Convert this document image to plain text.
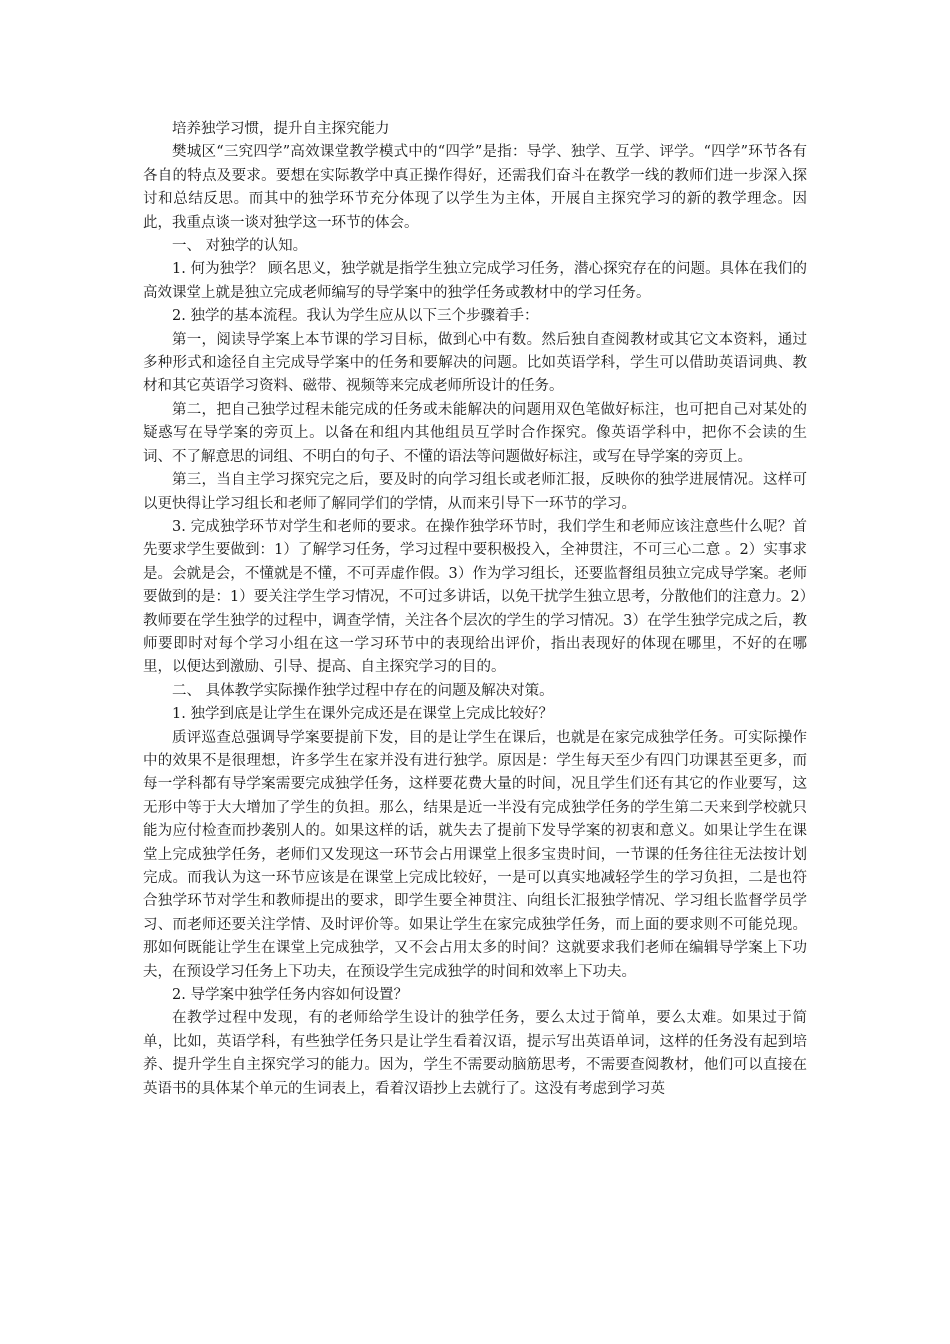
培养独学习惯，提升自主探究能力

樊城区“三究四学”高效课堂教学模式中的“四学”是指：导学、独学、互学、评学。“四学”环节各有各自的特点及要求。要想在实际教学中真正操作得好，还需我们奋斗在教学一线的教师们进一步深入探讨和总结反思。而其中的独学环节充分体现了以学生为主体，开展自主探究学习的新的教学理念。因此，我重点谈一谈对独学这一环节的体会。

一、 对独学的认知。

1. 何为独学？ 顾名思义，独学就是指学生独立完成学习任务，潜心探究存在的问题。具体在我们的高效课堂上就是独立完成老师编写的导学案中的独学任务或教材中的学习任务。

2. 独学的基本流程。我认为学生应从以下三个步骤着手：

第一，阅读导学案上本节课的学习目标，做到心中有数。然后独自查阅教材或其它文本资料，通过多种形式和途径自主完成导学案中的任务和要解决的问题。比如英语学科，学生可以借助英语词典、教材和其它英语学习资料、磁带、视频等来完成老师所设计的任务。

第二，把自己独学过程未能完成的任务或未能解决的问题用双色笔做好标注，也可把自己对某处的疑惑写在导学案的旁页上。以备在和组内其他组员互学时合作探究。像英语学科中，把你不会读的生词、不了解意思的词组、不明白的句子、不懂的语法等问题做好标注，或写在导学案的旁页上。

第三，当自主学习探究完之后，要及时的向学习组长或老师汇报，反映你的独学进展情况。这样可以更快得让学习组长和老师了解同学们的学情，从而来引导下一环节的学习。

3. 完成独学环节对学生和老师的要求。在操作独学环节时，我们学生和老师应该注意些什么呢？首先要求学生要做到：1）了解学习任务，学习过程中要积极投入，全神贯注，不可三心二意 。2）实事求是。会就是会，不懂就是不懂，不可弄虚作假。3）作为学习组长，还要监督组员独立完成导学案。老师要做到的是：1）要关注学生学习情况，不可过多讲话，以免干扰学生独立思考，分散他们的注意力。2）教师要在学生独学的过程中，调查学情，关注各个层次的学生的学习情况。3）在学生独学完成之后，教师要即时对每个学习小组在这一学习环节中的表现给出评价，指出表现好的体现在哪里，不好的在哪里，以便达到激励、引导、提高、自主探究学习的目的。

二、 具体教学实际操作独学过程中存在的问题及解决对策。

1. 独学到底是让学生在课外完成还是在课堂上完成比较好？

质评巡查总强调导学案要提前下发，目的是让学生在课后，也就是在家完成独学任务。可实际操作中的效果不是很理想，许多学生在家并没有进行独学。原因是：学生每天至少有四门功课甚至更多，而每一学科都有导学案需要完成独学任务，这样要花费大量的时间，况且学生们还有其它的作业要写，这无形中等于大大增加了学生的负担。那么，结果是近一半没有完成独学任务的学生第二天来到学校就只能为应付检查而抄袭别人的。如果这样的话，就失去了提前下发导学案的初衷和意义。如果让学生在课堂上完成独学任务，老师们又发现这一环节会占用课堂上很多宝贵时间，一节课的任务往往无法按计划完成。而我认为这一环节应该是在课堂上完成比较好，一是可以真实地减轻学生的学习负担，二是也符合独学环节对学生和教师提出的要求，即学生要全神贯注、向组长汇报独学情况、学习组长监督学员学习、而老师还要关注学情、及时评价等。如果让学生在家完成独学任务，而上面的要求则不可能兑现。那如何既能让学生在课堂上完成独学，又不会占用太多的时间？这就要求我们老师在编辑导学案上下功夫，在预设学习任务上下功夫，在预设学生完成独学的时间和效率上下功夫。

2. 导学案中独学任务内容如何设置？

在教学过程中发现，有的老师给学生设计的独学任务，要么太过于简单，要么太难。如果过于简单，比如，英语学科，有些独学任务只是让学生看着汉语，提示写出英语单词，这样的任务没有起到培养、提升学生自主探究学习的能力。因为，学生不需要动脑筋思考，不需要查阅教材，他们可以直接在英语书的具体某个单元的生词表上，看着汉语抄上去就行了。这没有考虑到学习英
